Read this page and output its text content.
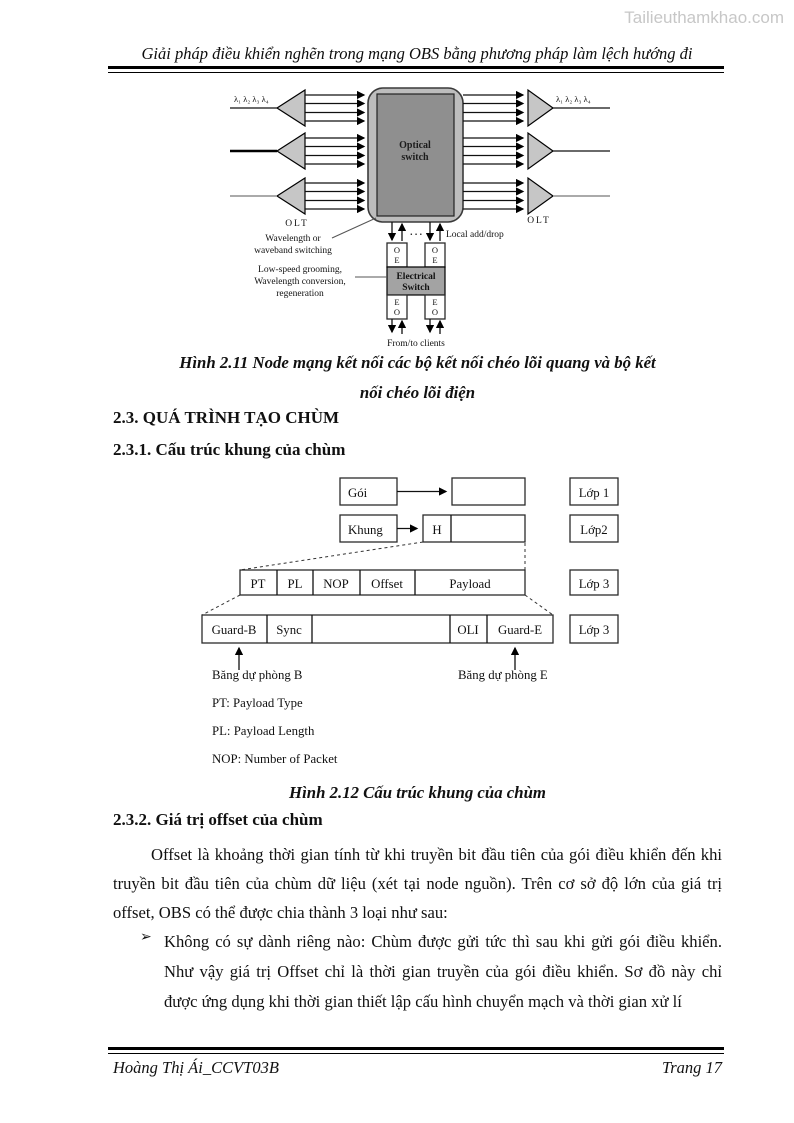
Tailieuthamkhao.com
Giải pháp điều khiển nghẽn trong mạng OBS bằng phương pháp làm lệch hướng đi
Optical
switch
λ₁ λ₂ λ₃ λ₄	λ₁ λ₂ λ₃ λ₄
OLT	OLT
. . .	Local add/drop
O
E
O
E
Electrical
Switch
E
O
E
O
From/to clients
Wavelength or
waveband switching
Low-speed grooming,
Wavelength conversion,
regeneration
Hình 2.11 Node mạng kết nối các bộ kết nối chéo lõi quang và bộ kết
nối chéo lõi điện
2.3. QUÁ TRÌNH TẠO CHÙM
2.3.1. Cấu trúc khung của chùm
Gói	Lớp 1
Khung	H	Lớp2
PT PL NOP Offset	Payload	Lớp 3
Guard-B Sync	OLI Guard-E	Lớp 3
Băng dự phòng B	Băng dự phòng E
PT: Payload Type
PL: Payload Length
NOP: Number of Packet
Hình 2.12 Cấu trúc khung của chùm
2.3.2. Giá trị offset của chùm
Offset là khoảng thời gian tính từ khi truyền bit đầu tiên của gói điều khiển đến khi truyền bit đầu tiên của chùm dữ liệu (xét tại node nguồn). Trên cơ sở độ lớn của giá trị offset, OBS có thể được chia thành 3 loại như sau:
➢ Không có sự dành riêng nào: Chùm được gửi tức thì sau khi gửi gói điều khiển. Như vậy giá trị Offset chỉ là thời gian truyền của gói điều khiển. Sơ đồ này chỉ được ứng dụng khi thời gian thiết lập cấu hình chuyển mạch và thời gian xử lí
Hoàng Thị Ái_CCVT03B	Trang 17
